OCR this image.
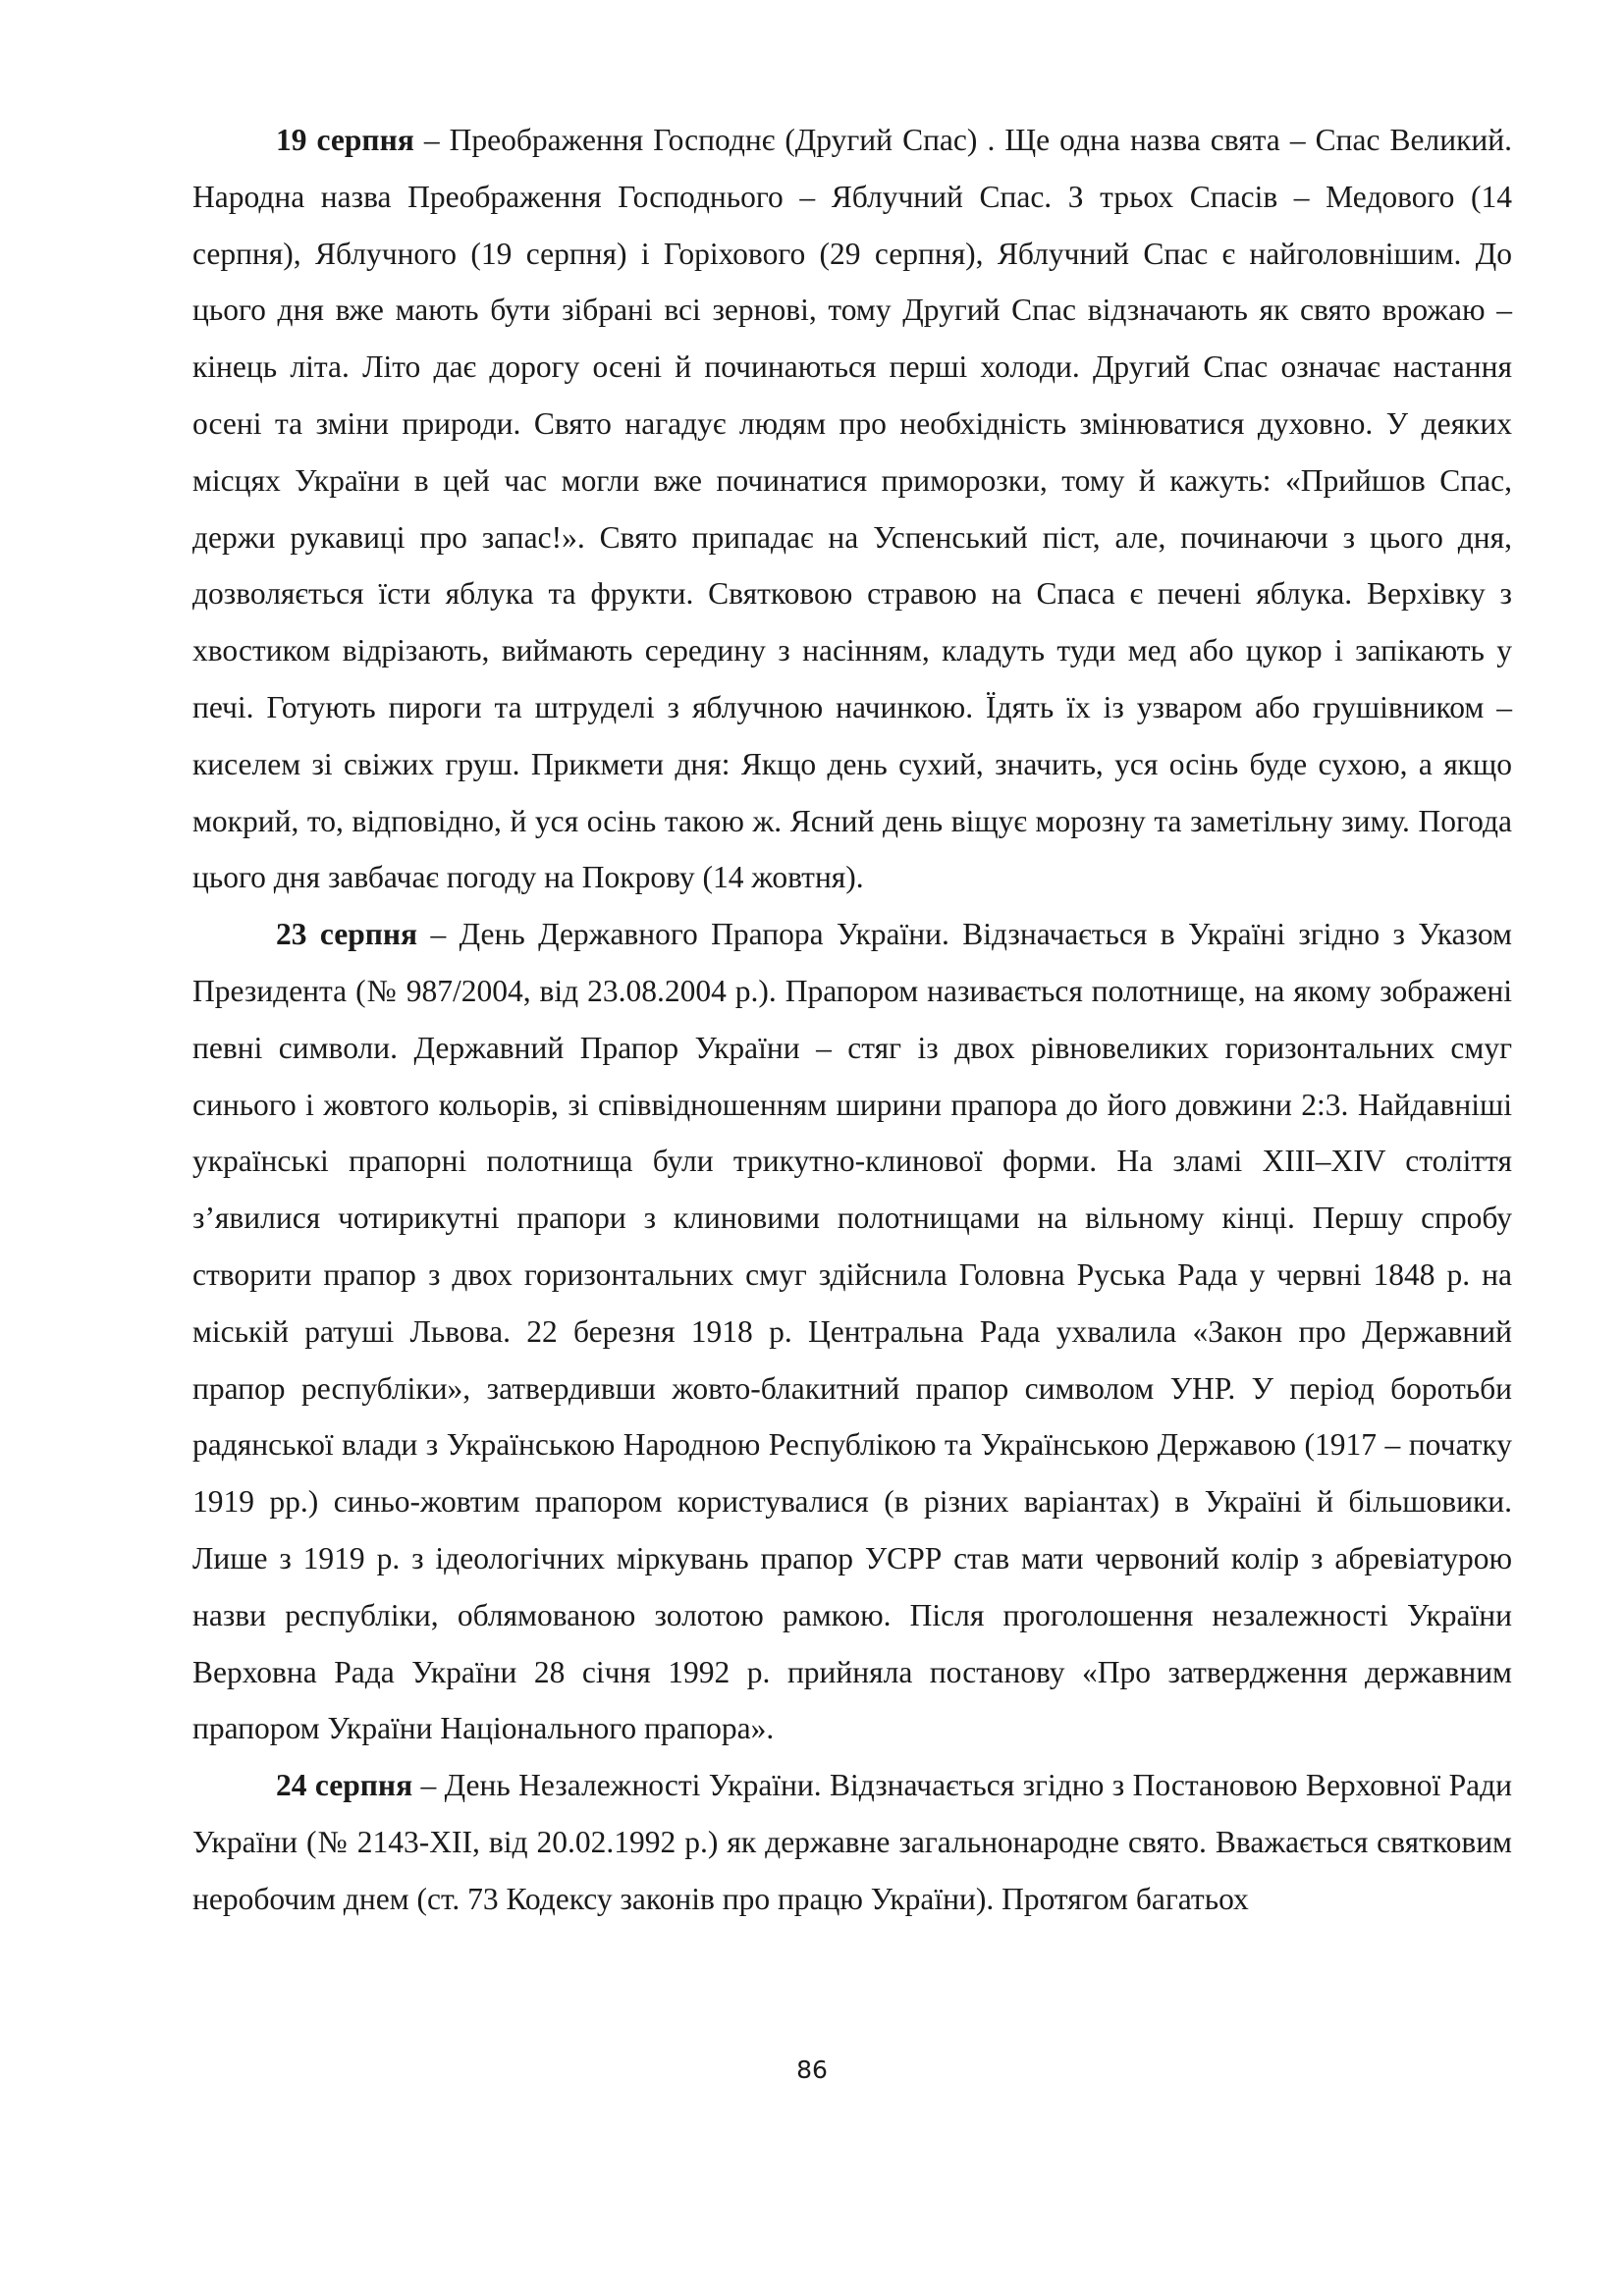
19 серпня – Преображення Господнє (Другий Спас) . Ще одна назва свята – Спас Великий. Народна назва Преображення Господнього – Яблучний Спас. З трьох Спасів – Медового (14 серпня), Яблучного (19 серпня) і Горіхового (29 серпня), Яблучний Спас є найголовнішим. До цього дня вже мають бути зібрані всі зернові, тому Другий Спас відзначають як свято врожаю – кінець літа. Літо дає дорогу осені й починаються перші холоди. Другий Спас означає настання осені та зміни природи. Свято нагадує людям про необхідність змінюватися духовно. У деяких місцях України в цей час могли вже починатися приморозки, тому й кажуть: «Прийшов Спас, держи рукавиці про запас!». Свято припадає на Успенський піст, але, починаючи з цього дня, дозволяється їсти яблука та фрукти. Святковою стравою на Спаса є печені яблука. Верхівку з хвостиком відрізають, виймають середину з насінням, кладуть туди мед або цукор і запікають у печі. Готують пироги та штруделі з яблучною начинкою. Їдять їх із узваром або грушівником – киселем зі свіжих груш. Прикмети дня: Якщо день сухий, значить, уся осінь буде сухою, а якщо мокрий, то, відповідно, й уся осінь такою ж. Ясний день віщує морозну та заметільну зиму. Погода цього дня завбачає погоду на Покрову (14 жовтня).

23 серпня – День Державного Прапора України. Відзначається в Україні згідно з Указом Президента (№ 987/2004, від 23.08.2004 р.). Прапором називається полотнище, на якому зображені певні символи. Державний Прапор України – стяг із двох рівновеликих горизонтальних смуг синього і жовтого кольорів, зі співвідношенням ширини прапора до його довжини 2:3. Найдавніші українські прапорні полотнища були трикутно-клинової форми. На зламі XIII–XIV століття з’явилися чотирикутні прапори з клиновими полотнищами на вільному кінці. Першу спробу створити прапор з двох горизонтальних смуг здійснила Головна Руська Рада у червні 1848 р. на міській ратуші Львова. 22 березня 1918 р. Центральна Рада ухвалила «Закон про Державний прапор республіки», затвердивши жовто-блакитний прапор символом УНР. У період боротьби радянської влади з Українською Народною Республікою та Українською Державою (1917 – початку 1919 рр.) синьо-жовтим прапором користувалися (в різних варіантах) в Україні й більшовики. Лише з 1919 р. з ідеологічних міркувань прапор УСРР став мати червоний колір з абревіатурою назви республіки, облямованою золотою рамкою. Після проголошення незалежності України Верховна Рада України 28 січня 1992 р. прийняла постанову «Про затвердження державним прапором України Національного прапора».

24 серпня – День Незалежності України. Відзначається згідно з Постановою Верховної Ради України (№ 2143-XII, від 20.02.1992 р.) як державне загальнонародне свято. Вважається святковим неробочим днем (ст. 73 Кодексу законів про працю України). Протягом багатьох

86
